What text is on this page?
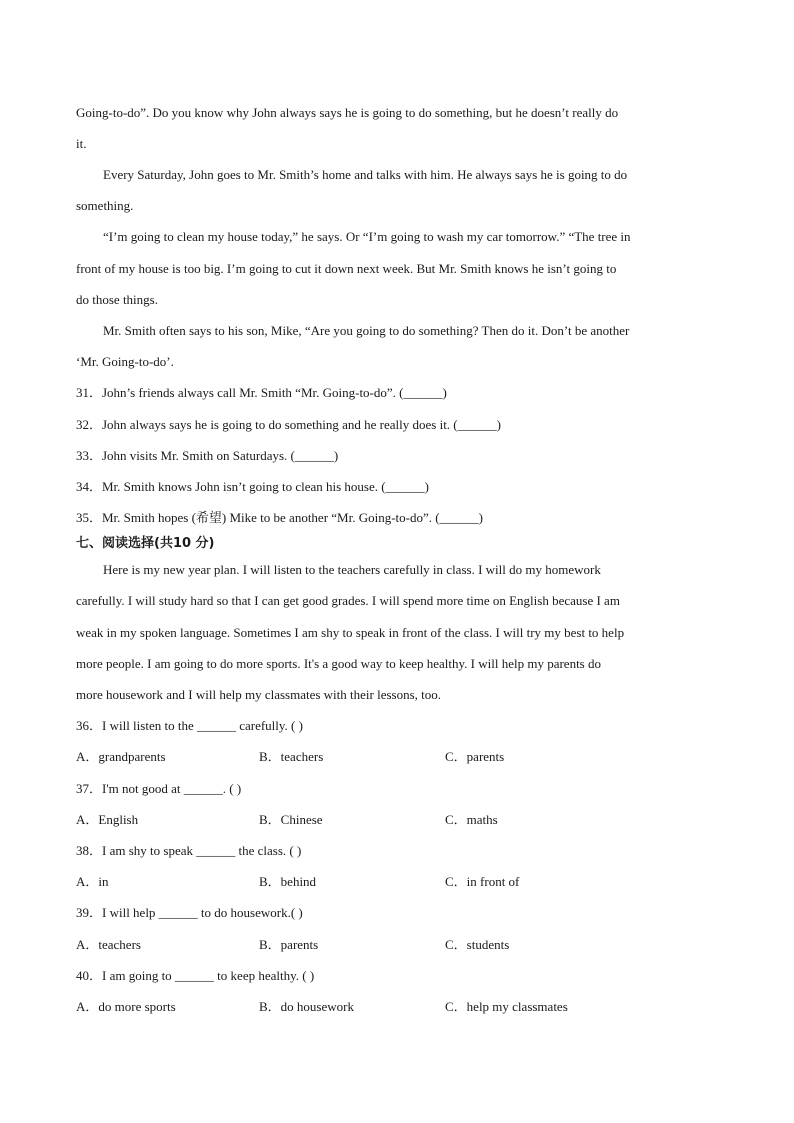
Going-to-do”. Do you know why John always says he is going to do something, but he doesn’t really do
it.
Every Saturday, John goes to Mr. Smith’s home and talks with him. He always says he is going to do
something.
“I’m going to clean my house today,” he says. Or “I’m going to wash my car tomorrow.” “The tree in
front of my house is too big. I’m going to cut it down next week. But Mr. Smith knows he isn’t going to
do those things.
Mr. Smith often says to his son, Mike, “Are you going to do something? Then do it. Don’t be another
‘Mr. Going-to-do’.
31．John’s friends always call Mr. Smith “Mr. Going-to-do”. (______)
32．John always says he is going to do something and he really does it. (______)
33．John visits Mr. Smith on Saturdays. (______)
34．Mr. Smith knows John isn’t going to clean his house. (______)
35．Mr. Smith hopes (希望) Mike to be another “Mr. Going-to-do”. (______)
七、阅读选择(共10 分)
Here is my new year plan. I will listen to the teachers carefully in class. I will do my homework
carefully. I will study hard so that I can get good grades. I will spend more time on English because I am
weak in my spoken language. Sometimes I am shy to speak in front of the class. I will try my best to help
more people. I am going to do more sports. It's a good way to keep healthy. I will help my parents do
more housework and I will help my classmates with their lessons, too.
36．I will listen to the ______ carefully. ( )
A．grandparents	B．teachers	C．parents
37．I'm not good at ______. ( )
A．English	B．Chinese	C．maths
38．I am shy to speak ______ the class. ( )
A．in	B．behind	C．in front of
39．I will help ______ to do housework.( )
A．teachers	B．parents	C．students
40．I am going to ______ to keep healthy. ( )
A．do more sports	B．do housework	C．help my classmates
